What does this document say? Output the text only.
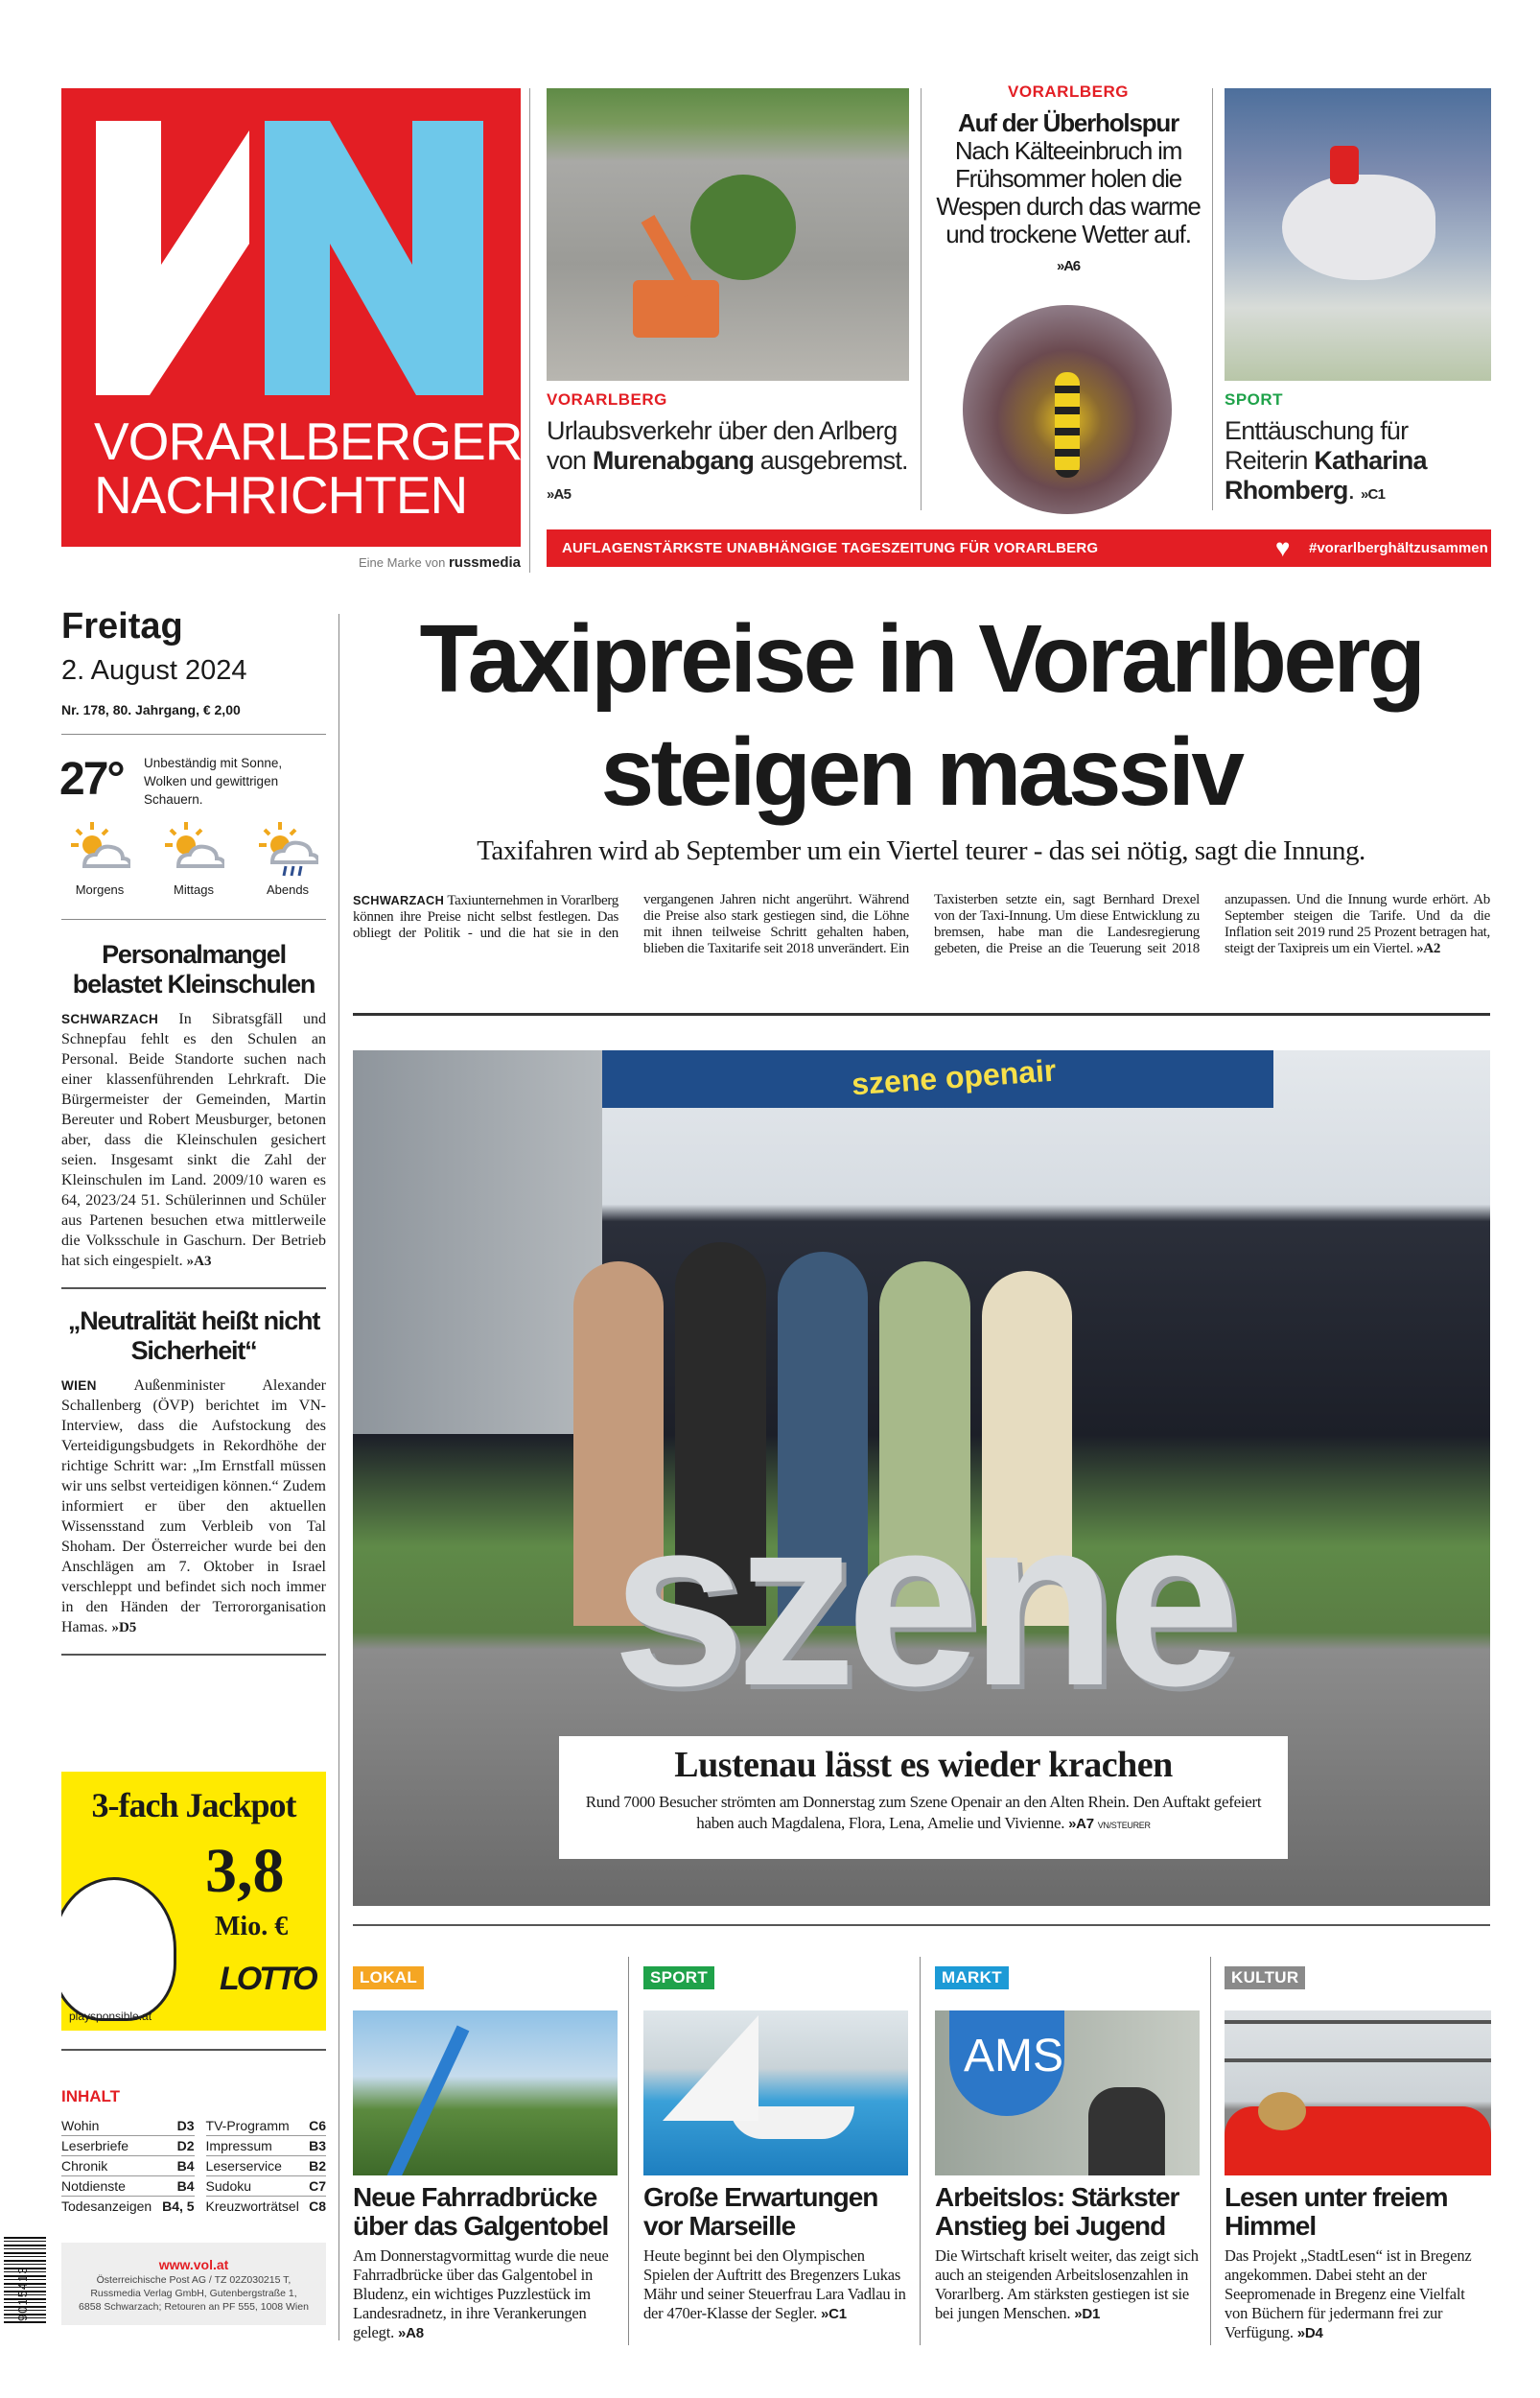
VORARLBERGER
NACHRICHTEN
Eine Marke von russmedia
VORARLBERG
Urlaubsverkehr über den Arlberg von Murenabgang ausgebremst. »A5
VORARLBERG
Auf der Überholspur
Nach Kälteeinbruch im Frühsommer holen die Wespen durch das warme und trockene Wetter auf. »A6
SPORT
Enttäuschung für Reiterin Katharina Rhomberg. »C1
AUFLAGENSTÄRKSTE UNABHÄNGIGE TAGESZEITUNG FÜR VORARLBERG	♥ #vorarlberghältzusammen
Freitag
2. August 2024
Nr. 178, 80. Jahrgang, € 2,00
27° Unbeständig mit Sonne, Wolken und gewittrigen Schauern.
Morgens	Mittags	Abends
Personalmangel belastet Kleinschulen
SCHWARZACH In Sibratsgfäll und Schnepfau fehlt es den Schulen an Personal. Beide Standorte suchen nach einer klassenführenden Lehrkraft. Die Bürgermeister der Gemeinden, Martin Bereuter und Robert Meusburger, betonen aber, dass die Kleinschulen gesichert seien. Insgesamt sinkt die Zahl der Kleinschulen im Land. 2009/10 waren es 64, 2023/24 51. Schülerinnen und Schüler aus Partenen besuchen etwa mittlerweile die Volksschule in Gaschurn. Der Betrieb hat sich eingespielt. »A3
„Neutralität heißt nicht Sicherheit“
WIEN Außenminister Alexander Schallenberg (ÖVP) berichtet im VN-Interview, dass die Aufstockung des Verteidigungsbudgets in Rekordhöhe der richtige Schritt war: „Im Ernstfall müssen wir uns selbst verteidigen können.“ Zudem informiert er über den aktuellen Wissensstand zum Verbleib von Tal Shoham. Der Österreicher wurde bei den Anschlägen am 7. Oktober in Israel verschleppt und befindet sich noch immer in den Händen der Terrororganisation Hamas. »D5
3-fach Jackpot
3,8
Mio. €
LOTTO
playsponsible.at
INHALT
Wohin	D3		TV-Programm	C6
Leserbriefe	D2		Impressum	B3
Chronik	B4		Leserservice	B2
Notdienste	B4		Sudoku	C7
Todesanzeigen	B4, 5		Kreuzworträtsel	C8
9015413
www.vol.at
Österreichische Post AG / TZ 02Z030215 T,
Russmedia Verlag GmbH, Gutenbergstraße 1,
6858 Schwarzach; Retouren an PF 555, 1008 Wien
Taxipreise in Vorarlberg
steigen massiv
Taxifahren wird ab September um ein Viertel teurer - das sei nötig, sagt die Innung.
SCHWARZACH Taxiunternehmen in Vorarlberg können ihre Preise nicht selbst festlegen. Das obliegt der Politik - und die hat sie in den vergangenen Jahren nicht angerührt. Während die Preise also stark gestiegen sind, die Löhne mit ihnen teilweise Schritt gehalten haben, blieben die Taxitarife seit 2018 unverändert. Ein Taxisterben setzte ein, sagt Bernhard Drexel von der Taxi-Innung. Um diese Entwicklung zu bremsen, habe man die Landesregierung gebeten, die Preise an die Teuerung seit 2018 anzupassen. Und die Innung wurde erhört. Ab September steigen die Tarife. Und da die Inflation seit 2019 rund 25 Prozent betragen hat, steigt der Taxipreis um ein Viertel. »A2
szene openair
szene
Lustenau lässt es wieder krachen
Rund 7000 Besucher strömten am Donnerstag zum Szene Openair an den Alten Rhein. Den Auftakt gefeiert haben auch Magdalena, Flora, Lena, Amelie und Vivienne. »A7 VN/STEURER
LOKAL
Neue Fahrradbrücke über das Galgentobel
Am Donnerstagvormittag wurde die neue Fahrradbrücke über das Galgentobel in Bludenz, ein wichtiges Puzzlestück im Landesradnetz, in ihre Verankerungen gelegt. »A8
SPORT
Große Erwartungen vor Marseille
Heute beginnt bei den Olympischen Spielen der Auftritt des Bregenzers Lukas Mähr und seiner Steuerfrau Lara Vadlau in der 470er-Klasse der Segler. »C1
MARKT
AMS
Arbeitslos: Stärkster Anstieg bei Jugend
Die Wirtschaft kriselt weiter, das zeigt sich auch an steigenden Arbeitslosenzahlen in Vorarlberg. Am stärksten gestiegen ist sie bei jungen Menschen. »D1
KULTUR
Lesen unter freiem Himmel
Das Projekt „StadtLesen“ ist in Bregenz angekommen. Dabei steht an der Seepromenade in Bregenz eine Vielfalt von Büchern für jedermann frei zur Verfügung. »D4
